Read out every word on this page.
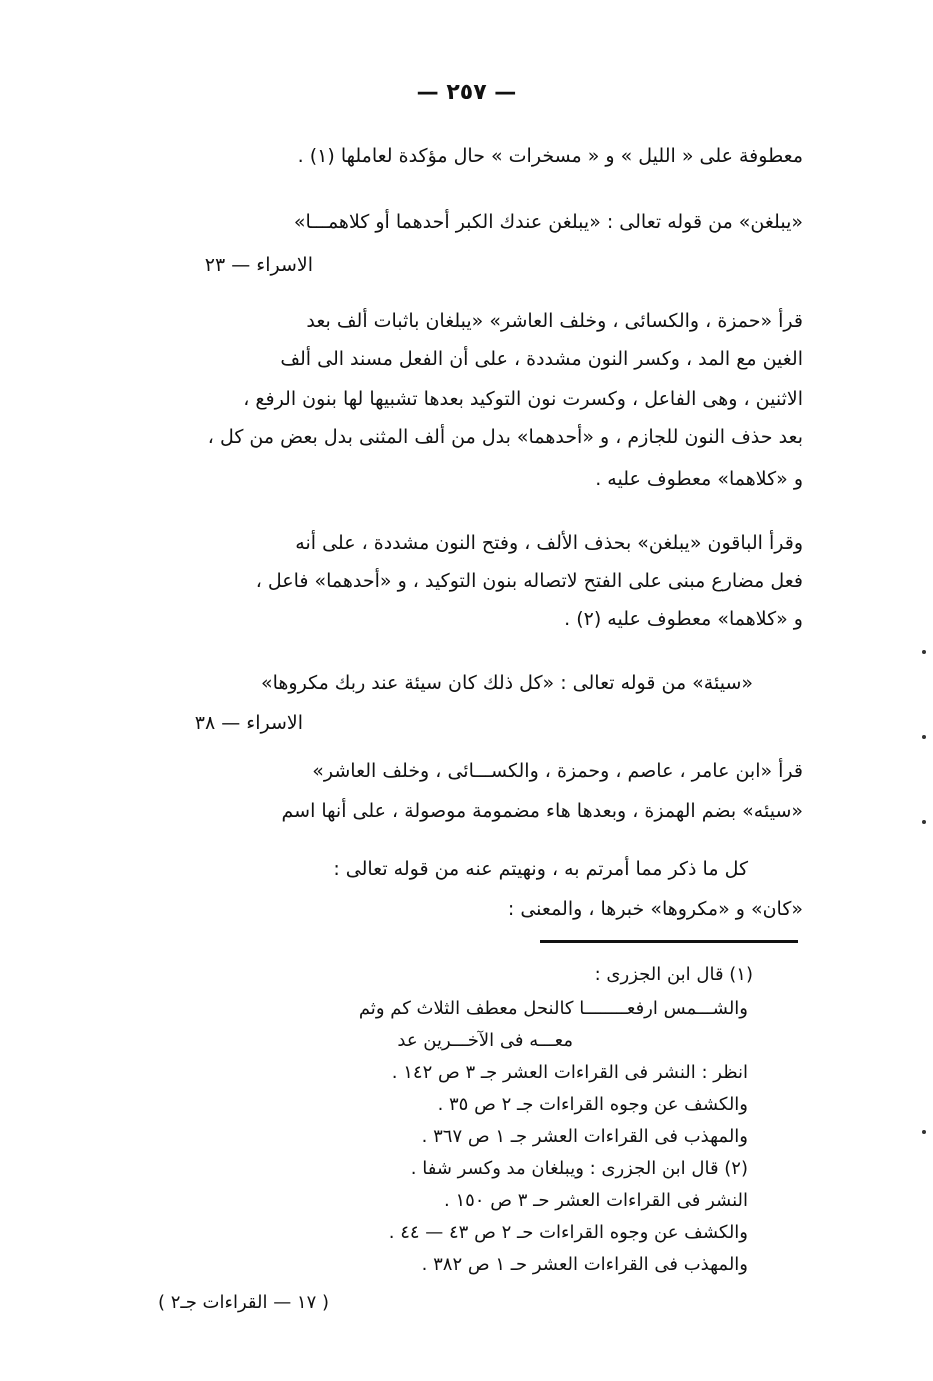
— ٢٥٧ —
معطوفة على « الليل » و « مسخرات » حال مؤكدة لعاملها (١) .
«يبلغن» من قوله تعالى : «يبلغن عندك الكبر أحدهما أو كلاهمـــا»
الاسراء — ٢٣
قرأ «حمزة ، والكسائى ، وخلف العاشر» «يبلغان باثبات ألف بعد
الغين مع المد ، وكسر النون مشددة ، على أن الفعل مسند الى ألف
الاثنين ، وهى الفاعل ، وكسرت نون التوكيد بعدها تشبيها لها بنون الرفع ،
بعد حذف النون للجازم ، و «أحدهما» بدل من ألف المثنى بدل بعض من كل ،
و «كلاهما» معطوف عليه .
وقرأ الباقون «يبلغن» بحذف الألف ، وفتح النون مشددة ، على أنه
فعل مضارع مبنى على الفتح لاتصاله بنون التوكيد ، و «أحدهما» فاعل ،
و «كلاهما» معطوف عليه (٢) .
«سيئة» من قوله تعالى : «كل ذلك كان سيئة عند ربك مكروها»
الاسراء — ٣٨
قرأ «ابن عامر ، عاصم ، وحمزة ، والكســـائى ، وخلف العاشر»
«سيئه» بضم الهمزة ، وبعدها هاء مضمومة موصولة ، على أنها اسم
كل ما ذكر مما أمرتم به ، ونهيتم عنه من قوله تعالى :
«كان» و «مكروها» خبرها ، والمعنى :
(١) قال ابن الجزرى :
والشـــمس ارفعــــــــا كالنحل معطف الثلاث كم وثم
معـــه فى الآخـــرين عد
انظر : النشر فى القراءات العشر جـ ٣ ص ١٤٢ .
والكشف عن وجوه القراءات جـ ٢ ص ٣٥ .
والمهذب فى القراءات العشر جـ ١ ص ٣٦٧ .
(٢) قال ابن الجزرى : ويبلغان مد وكسر شفا .
النشر فى القراءات العشر حـ ٣ ص ١٥٠ .
والكشف عن وجوه القراءات حـ ٢ ص ٤٣ — ٤٤ .
والمهذب فى القراءات العشر حـ ١ ص ٣٨٢ .
( ١٧ — القراءات جـ٢ )
